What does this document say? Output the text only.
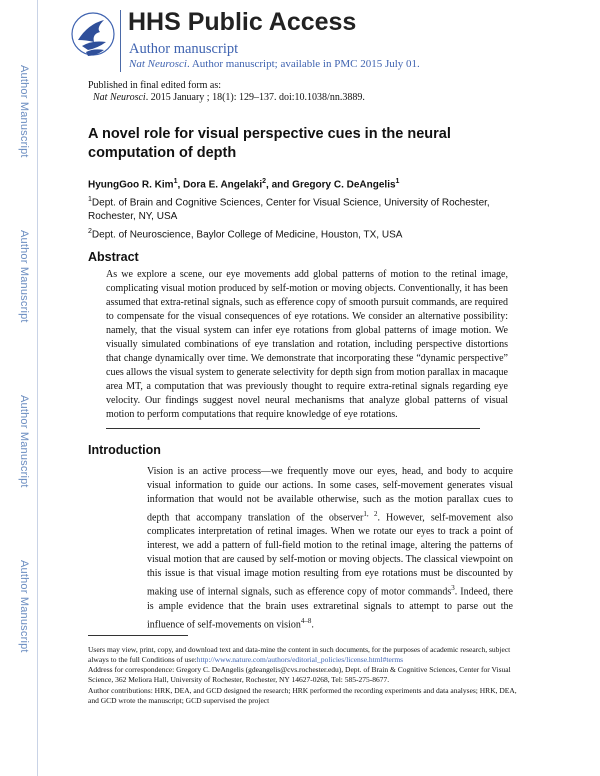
Author Manuscript
Author Manuscript
Author Manuscript
Author Manuscript
HHS Public Access
Author manuscript
Nat Neurosci. Author manuscript; available in PMC 2015 July 01.
Published in final edited form as:
Nat Neurosci. 2015 January ; 18(1): 129–137. doi:10.1038/nn.3889.
A novel role for visual perspective cues in the neural computation of depth
HyungGoo R. Kim$^1$, Dora E. Angelaki$^2$, and Gregory C. DeAngelis$^1$
$^1$Dept. of Brain and Cognitive Sciences, Center for Visual Science, University of Rochester, Rochester, NY, USA
$^2$Dept. of Neuroscience, Baylor College of Medicine, Houston, TX, USA
Abstract
As we explore a scene, our eye movements add global patterns of motion to the retinal image, complicating visual motion produced by self-motion or moving objects. Conventionally, it has been assumed that extra-retinal signals, such as efference copy of smooth pursuit commands, are required to compensate for the visual consequences of eye rotations. We consider an alternative possibility: namely, that the visual system can infer eye rotations from global patterns of image motion. We visually simulated combinations of eye translation and rotation, including perspective distortions that change dynamically over time. We demonstrate that incorporating these “dynamic perspective” cues allows the visual system to generate selectivity for depth sign from motion parallax in macaque area MT, a computation that was previously thought to require extra-retinal signals regarding eye velocity. Our findings suggest novel neural mechanisms that analyze global patterns of visual motion to perform computations that require knowledge of eye rotations.
Introduction
Vision is an active process—we frequently move our eyes, head, and body to acquire visual information to guide our actions. In some cases, self-movement generates visual information that would not be available otherwise, such as the motion parallax cues to depth that accompany translation of the observer$^{1, 2}$. However, self-movement also complicates interpretation of retinal images. When we rotate our eyes to track a point of interest, we add a pattern of full-field motion to the retinal image, altering the patterns of visual motion that are caused by self-motion or moving objects. The classical viewpoint on this issue is that visual image motion resulting from eye rotations must be discounted by making use of internal signals, such as efference copy of motor commands$^3$. Indeed, there is ample evidence that the brain uses extraretinal signals to attempt to parse out the influence of self-movements on vision$^{4-8}$.
Users may view, print, copy, and download text and data-mine the content in such documents, for the purposes of academic research, subject always to the full Conditions of use:http://www.nature.com/authors/editorial_policies/license.html#terms
Address for correspondence: Gregory C. DeAngelis (gdeangelis@cvs.rochester.edu), Dept. of Brain & Cognitive Sciences, Center for Visual Science, 362 Meliora Hall, University of Rochester, Rochester, NY 14627-0268, Tel: 585-275-8677.
Author contributions: HRK, DEA, and GCD designed the research; HRK performed the recording experiments and data analyses; HRK, DEA, and GCD wrote the manuscript; GCD supervised the project
